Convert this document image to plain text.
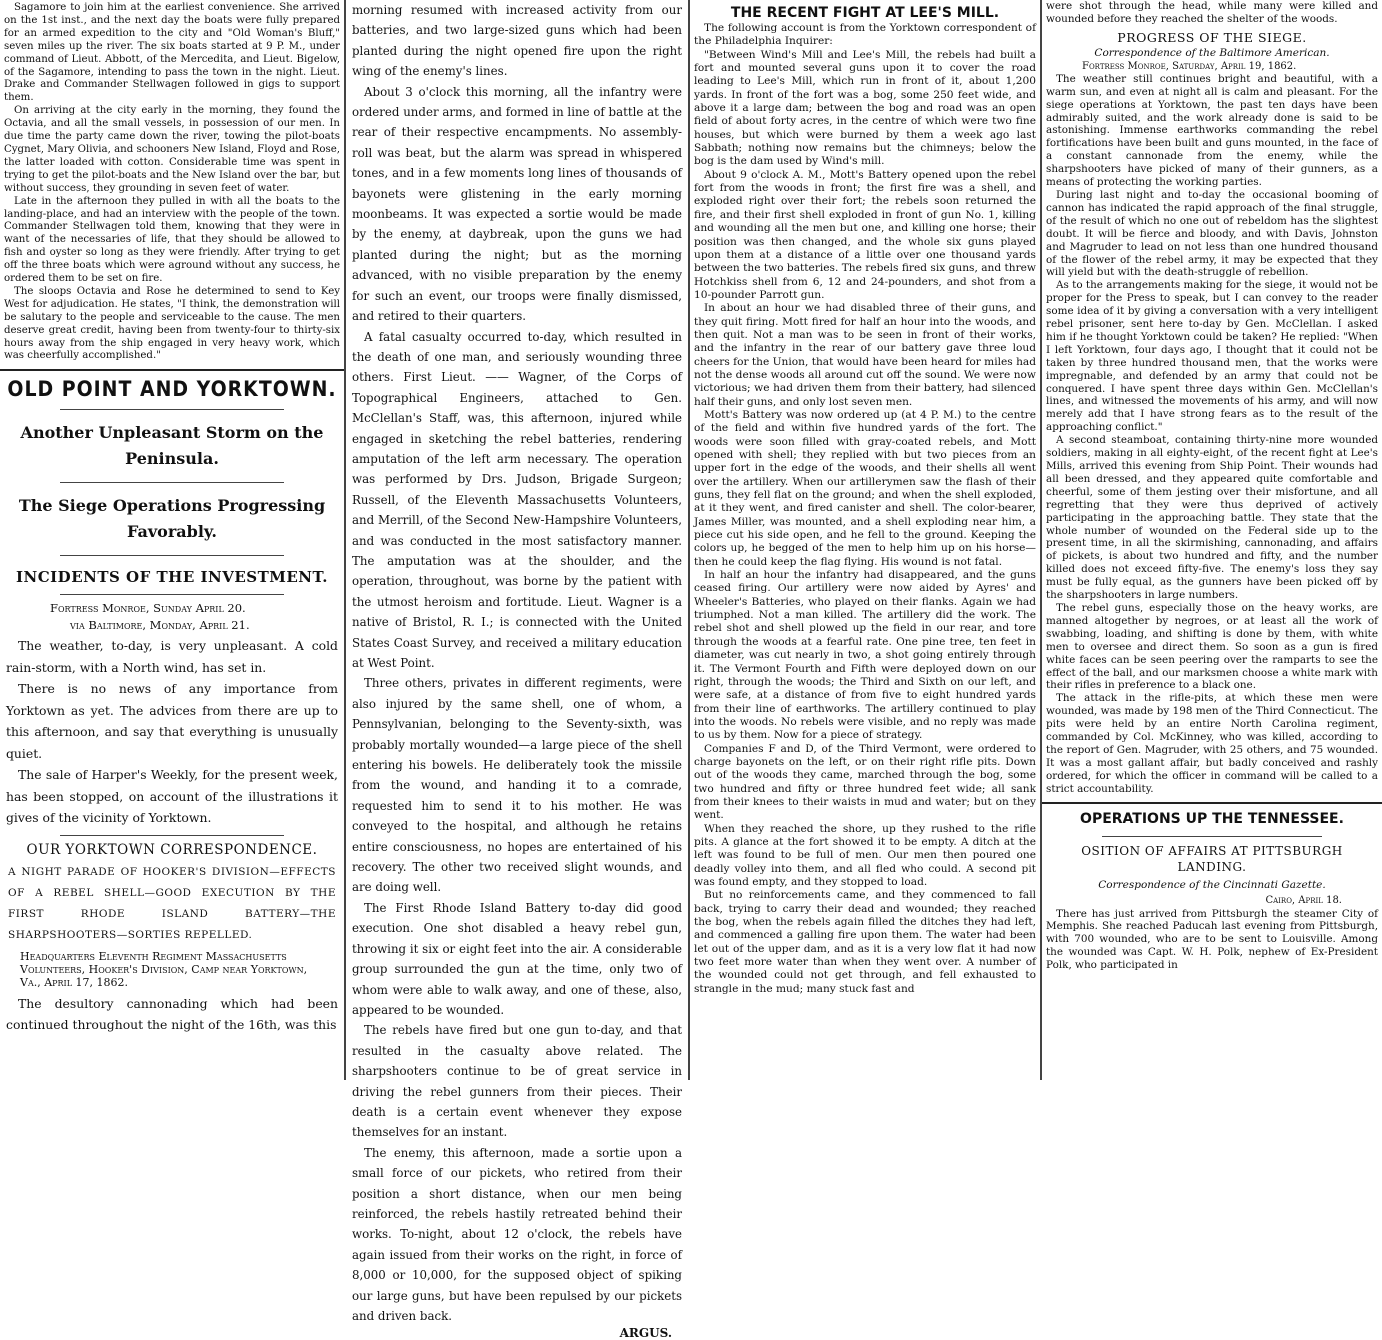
Sagamore to join him at the earliest convenience. She arrived on the 1st inst., and the next day the boats were fully prepared for an armed expedition to the city and "Old Woman's Bluff," seven miles up the river. The six boats started at 9 P. M., under command of Lieut. Abbott, of the Mercedita, and Lieut. Bigelow, of the Sagamore, intending to pass the town in the night. Lieut. Drake and Commander Stellwagen followed in gigs to support them.

On arriving at the city early in the morning, they found the Octavia, and all the small vessels, in possession of our men. In due time the party came down the river, towing the pilot-boats Cygnet, Mary Olivia, and schooners New Island, Floyd and Rose, the latter loaded with cotton. Considerable time was spent in trying to get the pilot-boats and the New Island over the bar, but without success, they grounding in seven feet of water.

Late in the afternoon they pulled in with all the boats to the landing-place, and had an interview with the people of the town. Commander Stellwagen told them, knowing that they were in want of the necessaries of life, that they should be allowed to fish and oyster so long as they were friendly. After trying to get off the three boats which were aground without any success, he ordered them to be set on fire.

The sloops Octavia and Rose he determined to send to Key West for adjudication. He states, "I think, the demonstration will be salutary to the people and serviceable to the cause. The men deserve great credit, having been from twenty-four to thirty-six hours away from the ship engaged in very heavy work, which was cheerfully accomplished."

OLD POINT AND YORKTOWN.
Another Unpleasant Storm on the Peninsula.
The Siege Operations Progressing Favorably.
INCIDENTS OF THE INVESTMENT.
Fortress Monroe, Sunday April 20.
via Baltimore, Monday, April 21.

The weather, to-day, is very unpleasant. A cold rain-storm, with a North wind, has set in.

There is no news of any importance from Yorktown as yet. The advices from there are up to this afternoon, and say that everything is unusually quiet.

The sale of Harper's Weekly, for the present week, has been stopped, on account of the illustrations it gives of the vicinity of Yorktown.

OUR YORKTOWN CORRESPONDENCE.
A NIGHT PARADE OF HOOKER'S DIVISION—EFFECTS OF A REBEL SHELL—GOOD EXECUTION BY THE FIRST RHODE ISLAND BATTERY—THE SHARPSHOOTERS—SORTIES REPELLED.
Headquarters Eleventh Regiment Massachusetts Volunteers, Hooker's Division, Camp near Yorktown, Va., April 17, 1862.

The desultory cannonading which had been continued throughout the night of the 16th, was this

morning resumed with increased activity from our batteries, and two large-sized guns which had been planted during the night opened fire upon the right wing of the enemy's lines.

About 3 o'clock this morning, all the infantry were ordered under arms, and formed in line of battle at the rear of their respective encampments. No assembly-roll was beat, but the alarm was spread in whispered tones, and in a few moments long lines of thousands of bayonets were glistening in the early morning moonbeams. It was expected a sortie would be made by the enemy, at daybreak, upon the guns we had planted during the night; but as the morning advanced, with no visible preparation by the enemy for such an event, our troops were finally dismissed, and retired to their quarters.

A fatal casualty occurred to-day, which resulted in the death of one man, and seriously wounding three others. First Lieut. —— Wagner, of the Corps of Topographical Engineers, attached to Gen. McClellan's Staff, was, this afternoon, injured while engaged in sketching the rebel batteries, rendering amputation of the left arm necessary. The operation was performed by Drs. Judson, Brigade Surgeon; Russell, of the Eleventh Massachusetts Volunteers, and Merrill, of the Second New-Hampshire Volunteers, and was conducted in the most satisfactory manner. The amputation was at the shoulder, and the operation, throughout, was borne by the patient with the utmost heroism and fortitude. Lieut. Wagner is a native of Bristol, R. I.; is connected with the United States Coast Survey, and received a military education at West Point.

Three others, privates in different regiments, were also injured by the same shell, one of whom, a Pennsylvanian, belonging to the Seventy-sixth, was probably mortally wounded—a large piece of the shell entering his bowels. He deliberately took the missile from the wound, and handing it to a comrade, requested him to send it to his mother. He was conveyed to the hospital, and although he retains entire consciousness, no hopes are entertained of his recovery. The other two received slight wounds, and are doing well.

The First Rhode Island Battery to-day did good execution. One shot disabled a heavy rebel gun, throwing it six or eight feet into the air. A considerable group surrounded the gun at the time, only two of whom were able to walk away, and one of these, also, appeared to be wounded.

The rebels have fired but one gun to-day, and that resulted in the casualty above related. The sharpshooters continue to be of great service in driving the rebel gunners from their pieces. Their death is a certain event whenever they expose themselves for an instant.

The enemy, this afternoon, made a sortie upon a small force of our pickets, who retired from their position a short distance, when our men being reinforced, the rebels hastily retreated behind their works. To-night, about 12 o'clock, the rebels have again issued from their works on the right, in force of 8,000 or 10,000, for the supposed object of spiking our large guns, but have been repulsed by our pickets and driven back.

ARGUS.
THE RECENT FIGHT AT LEE'S MILL.

The following account is from the Yorktown correspondent of the Philadelphia Inquirer:

"Between Wind's Mill and Lee's Mill, the rebels had built a fort and mounted several guns upon it to cover the road leading to Lee's Mill, which run in front of it, about 1,200 yards. In front of the fort was a bog, some 250 feet wide, and above it a large dam; between the bog and road was an open field of about forty acres, in the centre of which were two fine houses, but which were burned by them a week ago last Sabbath; nothing now remains but the chimneys; below the bog is the dam used by Wind's mill.

About 9 o'clock A. M., Mott's Battery opened upon the rebel fort from the woods in front; the first fire was a shell, and exploded right over their fort; the rebels soon returned the fire, and their first shell exploded in front of gun No. 1, killing and wounding all the men but one, and killing one horse; their position was then changed, and the whole six guns played upon them at a distance of a little over one thousand yards between the two batteries. The rebels fired six guns, and threw Hotchkiss shell from 6, 12 and 24-pounders, and shot from a 10-pounder Parrott gun.

In about an hour we had disabled three of their guns, and they quit firing. Mott fired for half an hour into the woods, and then quit. Not a man was to be seen in front of their works, and the infantry in the rear of our battery gave three loud cheers for the Union, that would have been heard for miles had not the dense woods all around cut off the sound. We were now victorious; we had driven them from their battery, had silenced half their guns, and only lost seven men.

Mott's Battery was now ordered up (at 4 P. M.) to the centre of the field and within five hundred yards of the fort. The woods were soon filled with gray-coated rebels, and Mott opened with shell; they replied with but two pieces from an upper fort in the edge of the woods, and their shells all went over the artillery. When our artillerymen saw the flash of their guns, they fell flat on the ground; and when the shell exploded, at it they went, and fired canister and shell. The color-bearer, James Miller, was mounted, and a shell exploding near him, a piece cut his side open, and he fell to the ground. Keeping the colors up, he begged of the men to help him up on his horse—then he could keep the flag flying. His wound is not fatal.

In half an hour the infantry had disappeared, and the guns ceased firing. Our artillery were now aided by Ayres' and Wheeler's Batteries, who played on their flanks. Again we had triumphed. Not a man killed. The artillery did the work. The rebel shot and shell plowed up the field in our rear, and tore through the woods at a fearful rate. One pine tree, ten feet in diameter, was cut nearly in two, a shot going entirely through it. The Vermont Fourth and Fifth were deployed down on our right, through the woods; the Third and Sixth on our left, and were safe, at a distance of from five to eight hundred yards from their line of earthworks. The artillery continued to play into the woods. No rebels were visible, and no reply was made to us by them. Now for a piece of strategy.

Companies F and D, of the Third Vermont, were ordered to charge bayonets on the left, or on their right rifle pits. Down out of the woods they came, marched through the bog, some two hundred and fifty or three hundred feet wide; all sank from their knees to their waists in mud and water; but on they went.

When they reached the shore, up they rushed to the rifle pits. A glance at the fort showed it to be empty. A ditch at the left was found to be full of men. Our men then poured one deadly volley into them, and all fled who could. A second pit was found empty, and they stopped to load.

But no reinforcements came, and they commenced to fall back, trying to carry their dead and wounded; they reached the bog, when the rebels again filled the ditches they had left, and commenced a galling fire upon them. The water had been let out of the upper dam, and as it is a very low flat it had now two feet more water than when they went over. A number of the wounded could not get through, and fell exhausted to strangle in the mud; many stuck fast and

were shot through the head, while many were killed and wounded before they reached the shelter of the woods.

PROGRESS OF THE SIEGE.
Correspondence of the Baltimore American.
Fortress Monroe, Saturday, April 19, 1862.

The weather still continues bright and beautiful, with a warm sun, and even at night all is calm and pleasant. For the siege operations at Yorktown, the past ten days have been admirably suited, and the work already done is said to be astonishing. Immense earthworks commanding the rebel fortifications have been built and guns mounted, in the face of a constant cannonade from the enemy, while the sharpshooters have picked of many of their gunners, as a means of protecting the working parties.

During last night and to-day the occasional booming of cannon has indicated the rapid approach of the final struggle, of the result of which no one out of rebeldom has the slightest doubt. It will be fierce and bloody, and with Davis, Johnston and Magruder to lead on not less than one hundred thousand of the flower of the rebel army, it may be expected that they will yield but with the death-struggle of rebellion.

As to the arrangements making for the siege, it would not be proper for the Press to speak, but I can convey to the reader some idea of it by giving a conversation with a very intelligent rebel prisoner, sent here to-day by Gen. McClellan. I asked him if he thought Yorktown could be taken? He replied: "When I left Yorktown, four days ago, I thought that it could not be taken by three hundred thousand men, that the works were impregnable, and defended by an army that could not be conquered. I have spent three days within Gen. McClellan's lines, and witnessed the movements of his army, and will now merely add that I have strong fears as to the result of the approaching conflict."

A second steamboat, containing thirty-nine more wounded soldiers, making in all eighty-eight, of the recent fight at Lee's Mills, arrived this evening from Ship Point. Their wounds had all been dressed, and they appeared quite comfortable and cheerful, some of them jesting over their misfortune, and all regretting that they were thus deprived of actively participating in the approaching battle. They state that the whole number of wounded on the Federal side up to the present time, in all the skirmishing, cannonading, and affairs of pickets, is about two hundred and fifty, and the number killed does not exceed fifty-five. The enemy's loss they say must be fully equal, as the gunners have been picked off by the sharpshooters in large numbers.

The rebel guns, especially those on the heavy works, are manned altogether by negroes, or at least all the work of swabbing, loading, and shifting is done by them, with white men to oversee and direct them. So soon as a gun is fired white faces can be seen peering over the ramparts to see the effect of the ball, and our marksmen choose a white mark with their rifles in preference to a black one.

The attack in the rifle-pits, at which these men were wounded, was made by 198 men of the Third Connecticut. The pits were held by an entire North Carolina regiment, commanded by Col. McKinney, who was killed, according to the report of Gen. Magruder, with 25 others, and 75 wounded. It was a most gallant affair, but badly conceived and rashly ordered, for which the officer in command will be called to a strict accountability.

OPERATIONS UP THE TENNESSEE.
OSITION OF AFFAIRS AT PITTSBURGH LANDING.
Correspondence of the Cincinnati Gazette.
Cairo, April 18.

There has just arrived from Pittsburgh the steamer City of Memphis. She reached Paducah last evening from Pittsburgh, with 700 wounded, who are to be sent to Louisville. Among the wounded was Capt. W. H. Polk, nephew of Ex-President Polk, who participated in
